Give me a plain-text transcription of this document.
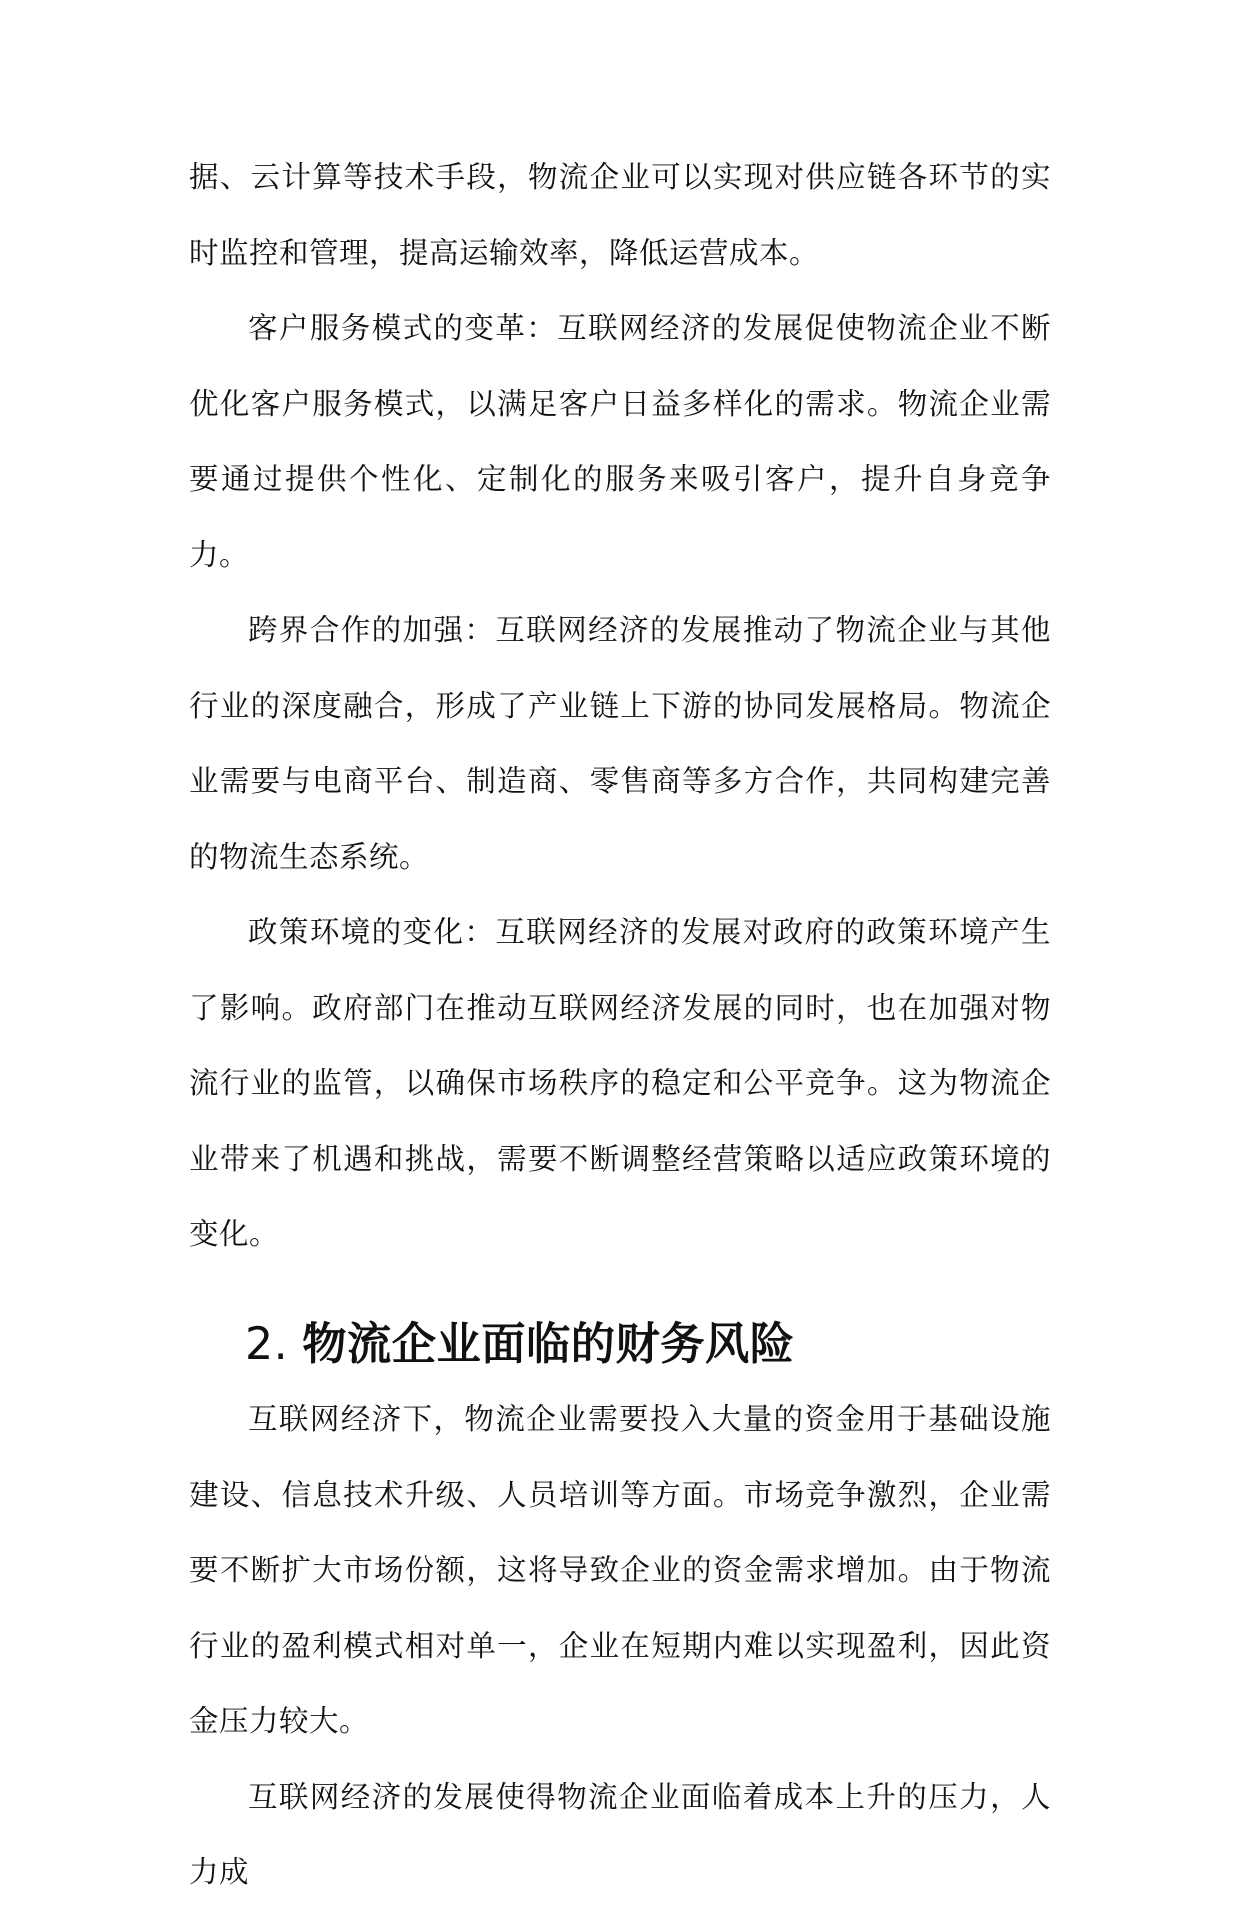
据、云计算等技术手段，物流企业可以实现对供应链各环节的实时监控和管理，提高运输效率，降低运营成本。

客户服务模式的变革：互联网经济的发展促使物流企业不断优化客户服务模式，以满足客户日益多样化的需求。物流企业需要通过提供个性化、定制化的服务来吸引客户，提升自身竞争力。

跨界合作的加强：互联网经济的发展推动了物流企业与其他行业的深度融合，形成了产业链上下游的协同发展格局。物流企业需要与电商平台、制造商、零售商等多方合作，共同构建完善的物流生态系统。

政策环境的变化：互联网经济的发展对政府的政策环境产生了影响。政府部门在推动互联网经济发展的同时，也在加强对物流行业的监管，以确保市场秩序的稳定和公平竞争。这为物流企业带来了机遇和挑战，需要不断调整经营策略以适应政策环境的变化。

2. 物流企业面临的财务风险

互联网经济下，物流企业需要投入大量的资金用于基础设施建设、信息技术升级、人员培训等方面。市场竞争激烈，企业需要不断扩大市场份额，这将导致企业的资金需求增加。由于物流行业的盈利模式相对单一，企业在短期内难以实现盈利，因此资金压力较大。

互联网经济的发展使得物流企业面临着成本上升的压力，人力成
